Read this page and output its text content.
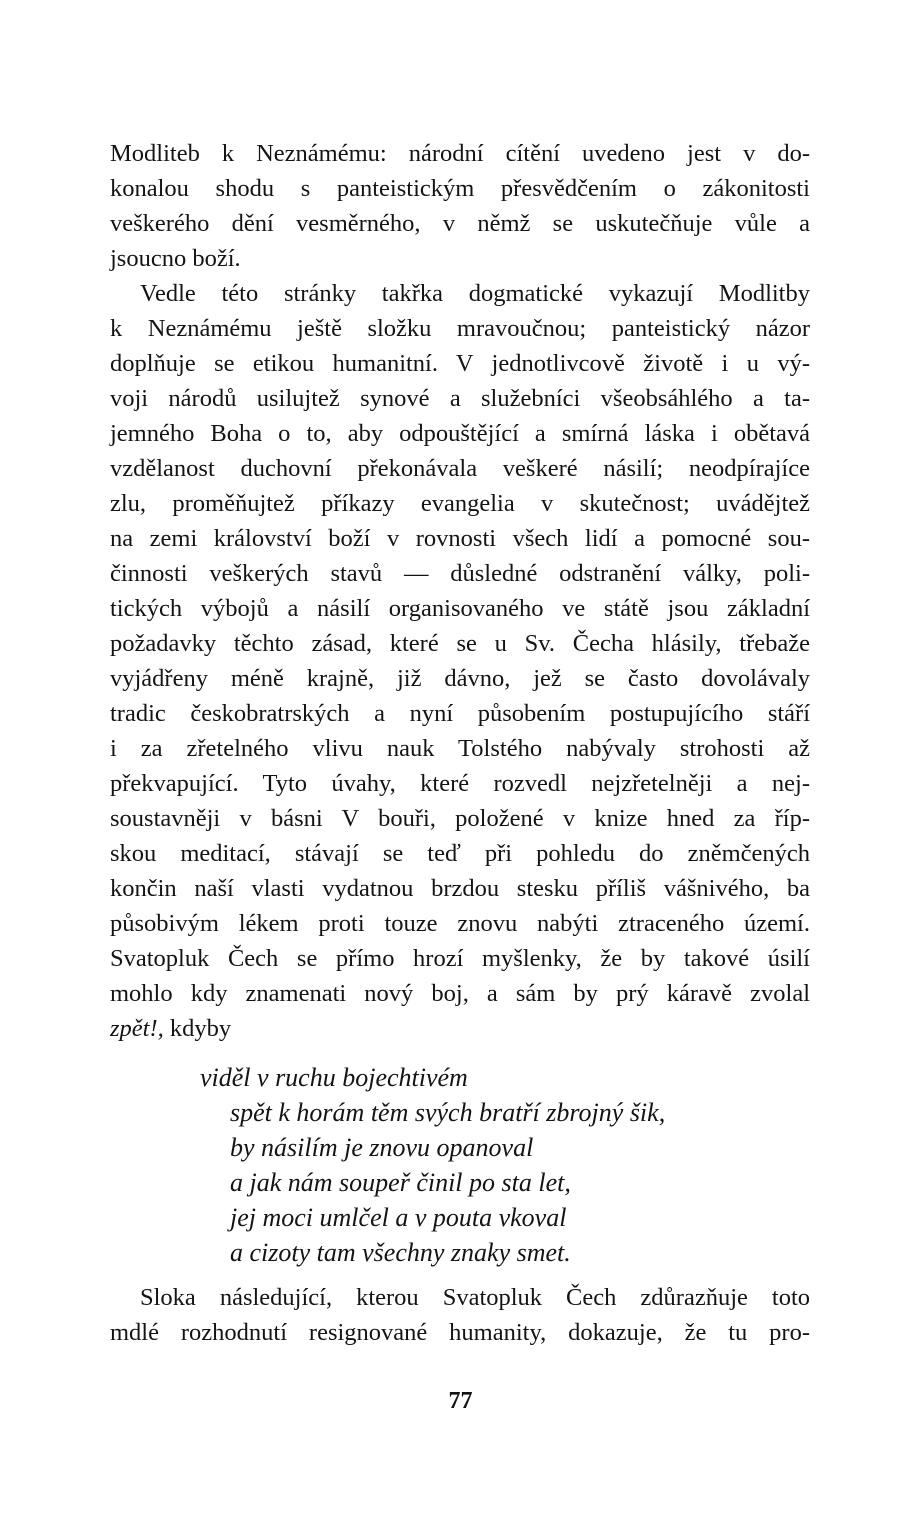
Modliteb k Neznámému: národní cítění uvedeno jest v do-
konalou shodu s panteistickým přesvědčením o zákonitosti
veškerého dění vesměrného, v němž se uskutečňuje vůle a
jsoucno boží.
Vedle této stránky takřka dogmatické vykazují Modlitby
k Neznámému ještě složku mravoučnou; panteistický názor
doplňuje se etikou humanitní. V jednotlivcově životě i u vý-
voji národů usilujtež synové a služebníci všeobsáhlého a ta-
jemného Boha o to, aby odpouštějící a smírná láska i obětavá
vzdělanost duchovní překonávala veškeré násilí; neodpírajíce
zlu, proměňujtež příkazy evangelia v skutečnost; uvádějtež
na zemi království boží v rovnosti všech lidí a pomocné sou-
činnosti veškerých stavů — důsledné odstranění války, poli-
tických výbojů a násilí organisovaného ve státě jsou základní
požadavky těchto zásad, které se u Sv. Čecha hlásily, třebaže
vyjádřeny méně krajně, již dávno, jež se často dovolávaly
tradic českobratrských a nyní působením postupujícího stáří
i za zřetelného vlivu nauk Tolstého nabývaly strohosti až
překvapující. Tyto úvahy, které rozvedl nejzřetelněji a nej-
soustavněji v básni V bouři, položené v knize hned za říp-
skou meditací, stávají se teď při pohledu do zněmčených
končin naší vlasti vydatnou brzdou stesku příliš vášnivého, ba
působivým lékem proti touze znovu nabýti ztraceného území.
Svatopluk Čech se přímo hrozí myšlenky, že by takové úsilí
mohlo kdy znamenati nový boj, a sám by prý káravě zvolal
zpět!, kdyby
viděl v ruchu bojechtivém
spět k horám těm svých bratří zbrojný šik,
by násilím je znovu opanoval
a jak nám soupeř činil po sta let,
jej moci umlčel a v pouta vkoval
a cizoty tam všechny znaky smet.
Sloka následující, kterou Svatopluk Čech zdůrazňuje toto
mdlé rozhodnutí resignované humanity, dokazuje, že tu pro-
77
